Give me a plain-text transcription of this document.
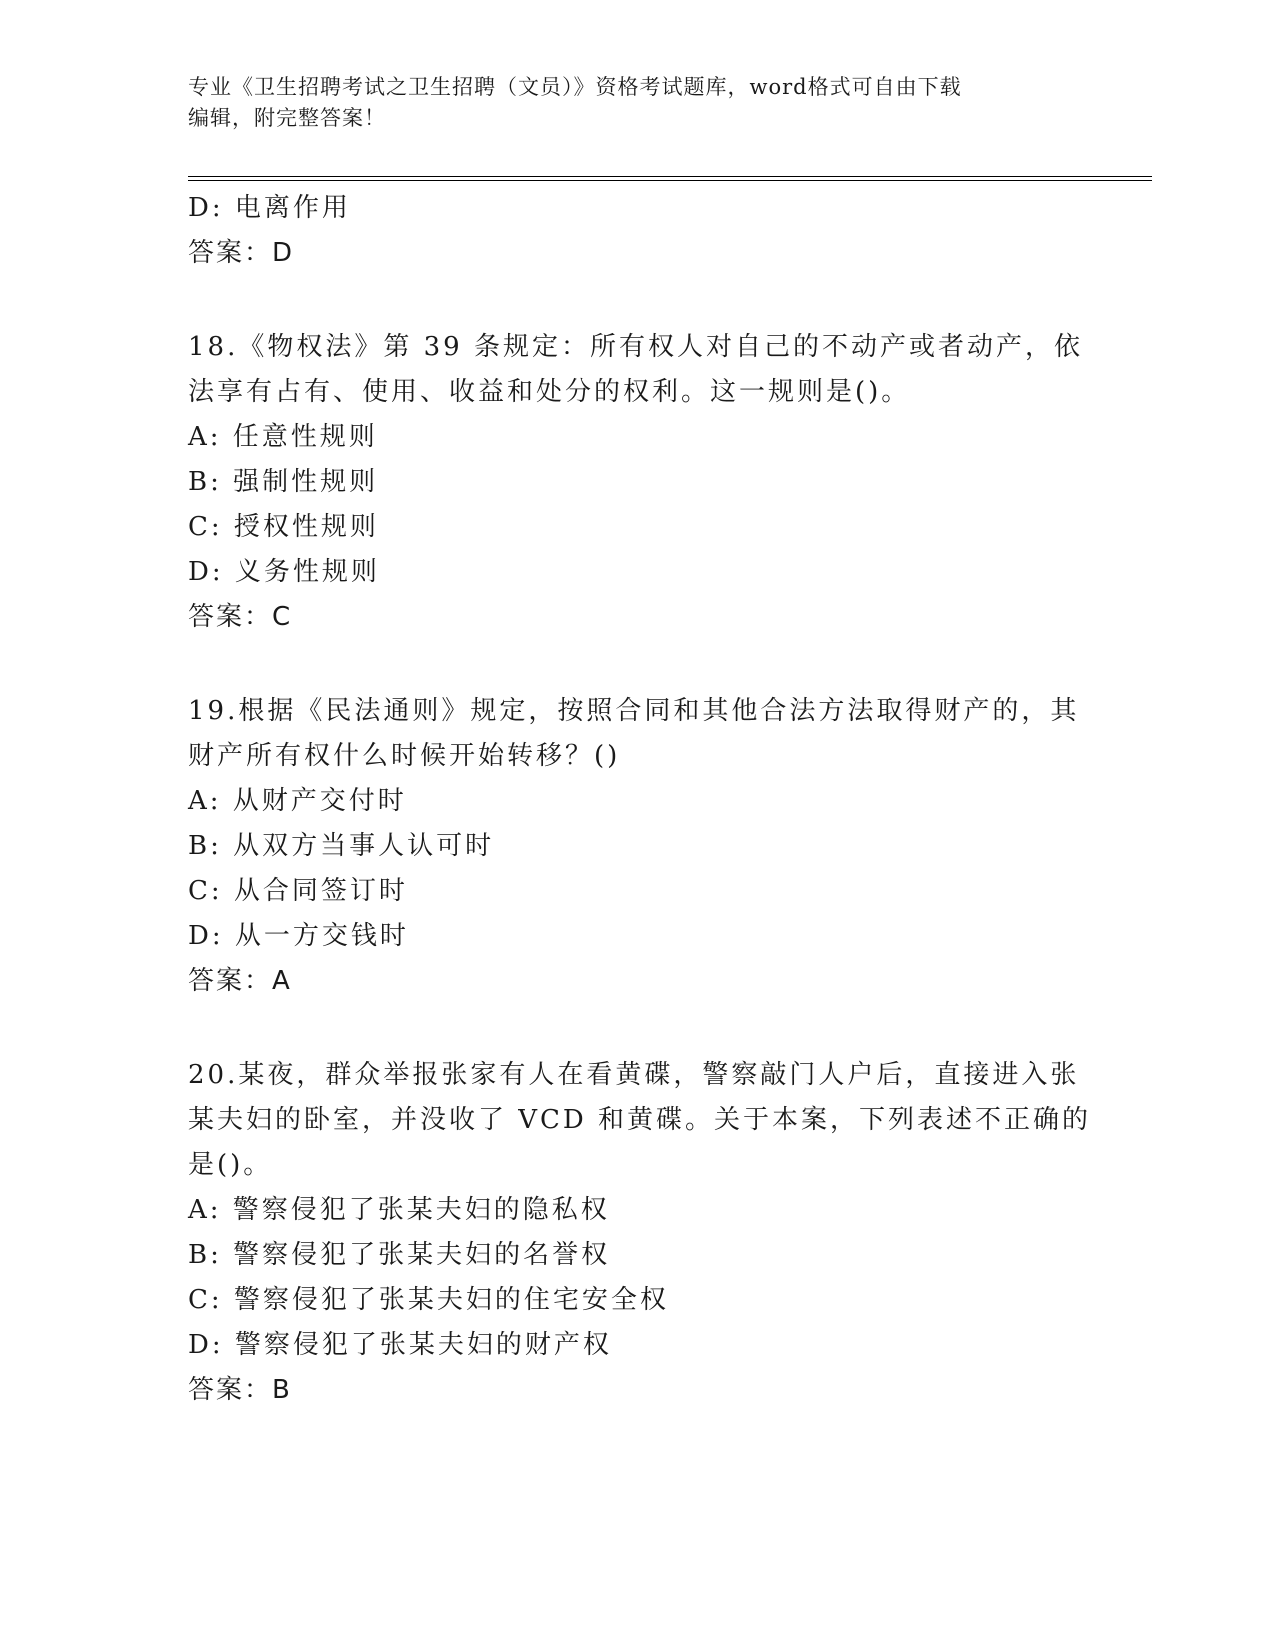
专业《卫生招聘考试之卫生招聘（文员）》资格考试题库，word格式可自由下载
编辑，附完整答案！
D: 电离作用
答案：D
18.《物权法》第 39 条规定：所有权人对自己的不动产或者动产，依
法享有占有、使用、收益和处分的权利。这一规则是()。
A: 任意性规则
B: 强制性规则
C: 授权性规则
D: 义务性规则
答案：C
19.根据《民法通则》规定，按照合同和其他合法方法取得财产的，其
财产所有权什么时候开始转移？()
A: 从财产交付时
B: 从双方当事人认可时
C: 从合同签订时
D: 从一方交钱时
答案：A
20.某夜，群众举报张家有人在看黄碟，警察敲门人户后，直接进入张
某夫妇的卧室，并没收了 VCD 和黄碟。关于本案，下列表述不正确的
是()。
A: 警察侵犯了张某夫妇的隐私权
B: 警察侵犯了张某夫妇的名誉权
C: 警察侵犯了张某夫妇的住宅安全权
D: 警察侵犯了张某夫妇的财产权
答案：B
